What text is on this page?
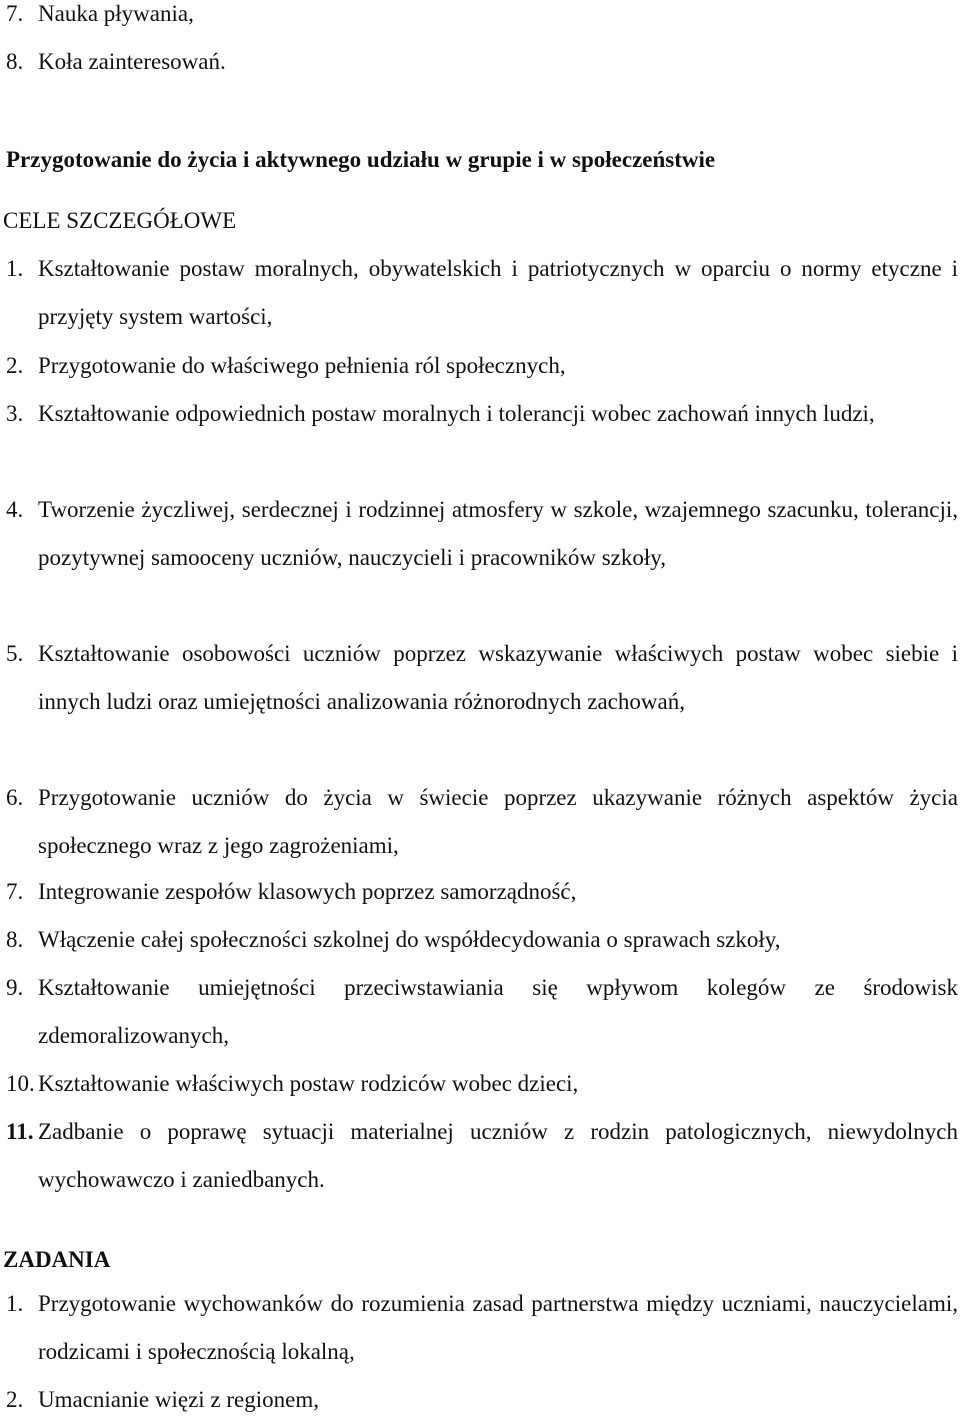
7. Nauka pływania,
8. Koła zainteresowań.
Przygotowanie do życia i aktywnego udziału w grupie i w społeczeństwie
CELE SZCZEGÓŁOWE
1. Kształtowanie postaw moralnych, obywatelskich i patriotycznych w oparciu o normy etyczne i przyjęty system wartości,
2. Przygotowanie do właściwego pełnienia ról społecznych,
3. Kształtowanie odpowiednich postaw moralnych i tolerancji wobec zachowań innych ludzi,
4. Tworzenie życzliwej, serdecznej i rodzinnej atmosfery w szkole, wzajemnego szacunku, tolerancji, pozytywnej samooceny uczniów, nauczycieli i pracowników szkoły,
5. Kształtowanie osobowości uczniów poprzez wskazywanie właściwych postaw wobec siebie i innych ludzi oraz umiejętności analizowania różnorodnych zachowań,
6. Przygotowanie uczniów do życia w świecie poprzez ukazywanie różnych aspektów życia społecznego wraz z jego zagrożeniami,
7. Integrowanie zespołów klasowych poprzez samorządność,
8. Włączenie całej społeczności szkolnej do współdecydowania o sprawach szkoły,
9. Kształtowanie umiejętności przeciwstawiania się wpływom kolegów ze środowisk zdemoralizowanych,
10. Kształtowanie właściwych postaw rodziców wobec dzieci,
11. Zadbanie o poprawę sytuacji materialnej uczniów z rodzin patologicznych, niewydolnych wychowawczo i zaniedbanych.
ZADANIA
1. Przygotowanie wychowanków do rozumienia zasad partnerstwa między uczniami, nauczycielami, rodzicami i społecznością lokalną,
2. Umacnianie więzi z regionem,
